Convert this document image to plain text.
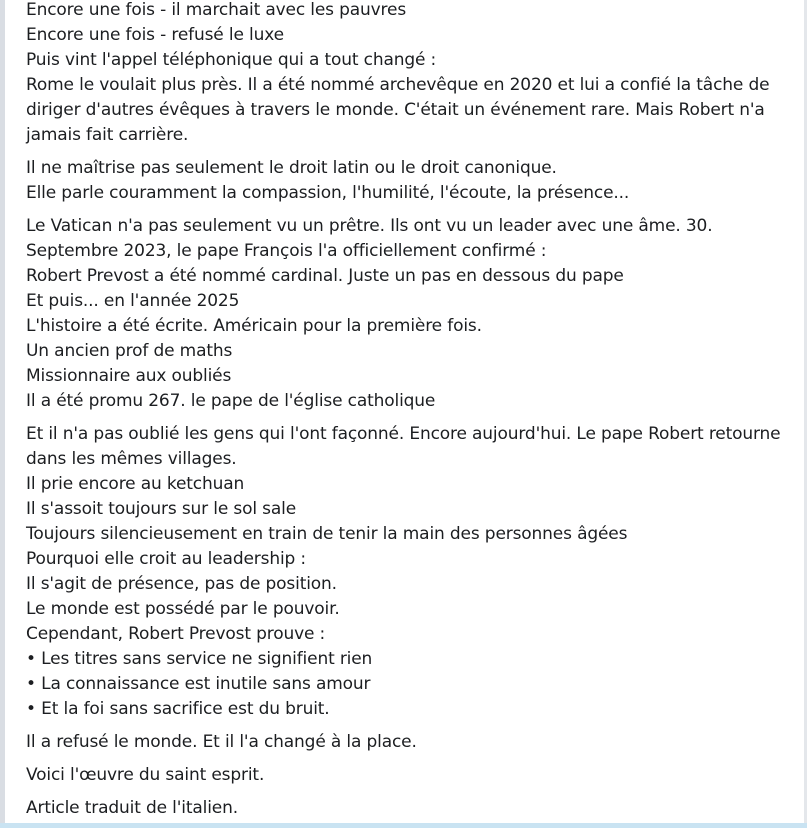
Encore une fois - il marchait avec les pauvres
Encore une fois - refusé le luxe
Puis vint l'appel téléphonique qui a tout changé :
Rome le voulait plus près. Il a été nommé archevêque en 2020 et lui a confié la tâche de
diriger d'autres évêques à travers le monde. C'était un événement rare. Mais Robert n'a
jamais fait carrière.
Il ne maîtrise pas seulement le droit latin ou le droit canonique.
Elle parle couramment la compassion, l'humilité, l'écoute, la présence...
Le Vatican n'a pas seulement vu un prêtre. Ils ont vu un leader avec une âme. 30.
Septembre 2023, le pape François l'a officiellement confirmé :
Robert Prevost a été nommé cardinal. Juste un pas en dessous du pape
Et puis... en l'année 2025
L'histoire a été écrite. Américain pour la première fois.
Un ancien prof de maths
Missionnaire aux oubliés
Il a été promu 267. le pape de l'église catholique
Et il n'a pas oublié les gens qui l'ont façonné. Encore aujourd'hui. Le pape Robert retourne
dans les mêmes villages.
Il prie encore au ketchuan
Il s'assoit toujours sur le sol sale
Toujours silencieusement en train de tenir la main des personnes âgées
Pourquoi elle croit au leadership :
Il s'agit de présence, pas de position.
Le monde est possédé par le pouvoir.
Cependant, Robert Prevost prouve :
• Les titres sans service ne signifient rien
• La connaissance est inutile sans amour
• Et la foi sans sacrifice est du bruit.
Il a refusé le monde. Et il l'a changé à la place.
Voici l'œuvre du saint esprit.
Article traduit de l'italien.
